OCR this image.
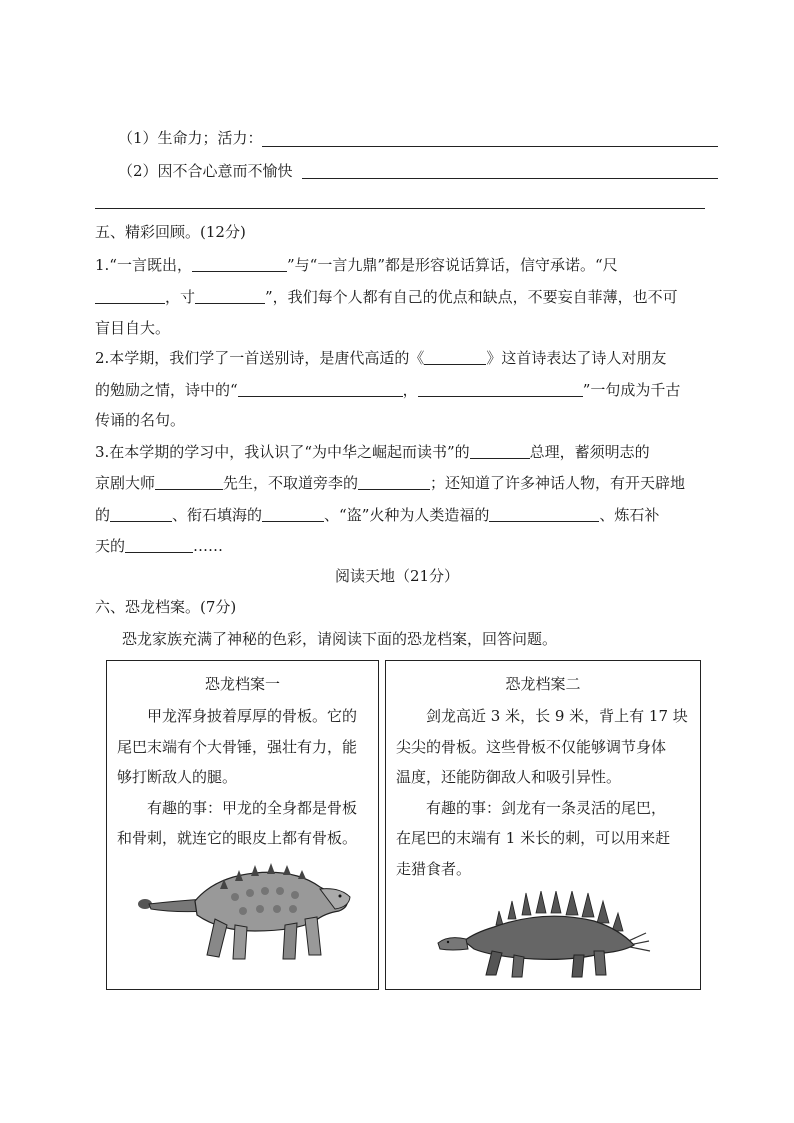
（1）生命力；活力：
（2）因不合心意而不愉快
五、精彩回顾。(12分)
1.“一言既出，	”与“一言九鼎”都是形容说话算话，信守承诺。“尺
，寸	”，我们每个人都有自己的优点和缺点，不要妄自菲薄，也不可
盲目自大。
2.本学期，我们学了一首送别诗，是唐代高适的《	》这首诗表达了诗人对朋友
的勉励之情，诗中的“	，	”一句成为千古
传诵的名句。
3.在本学期的学习中，我认识了“为中华之崛起而读书”的	总理，蓄须明志的
京剧大师	先生，不取道旁李的	；还知道了许多神话人物，有开天辟地
的	、衔石填海的	、“盗”火种为人类造福的	、炼石补
天的	……
阅读天地（21分）
六、恐龙档案。(7分)
恐龙家族充满了神秘的色彩，请阅读下面的恐龙档案，回答问题。
恐龙档案一
甲龙浑身披着厚厚的骨板。它的
尾巴末端有个大骨锤，强壮有力，能
够打断敌人的腿。
有趣的事：甲龙的全身都是骨板
和骨刺，就连它的眼皮上都有骨板。
恐龙档案二
剑龙高近 3 米，长 9 米，背上有 17 块
尖尖的骨板。这些骨板不仅能够调节身体
温度，还能防御敌人和吸引异性。
有趣的事：剑龙有一条灵活的尾巴，
在尾巴的末端有 1 米长的刺，可以用来赶
走猎食者。
